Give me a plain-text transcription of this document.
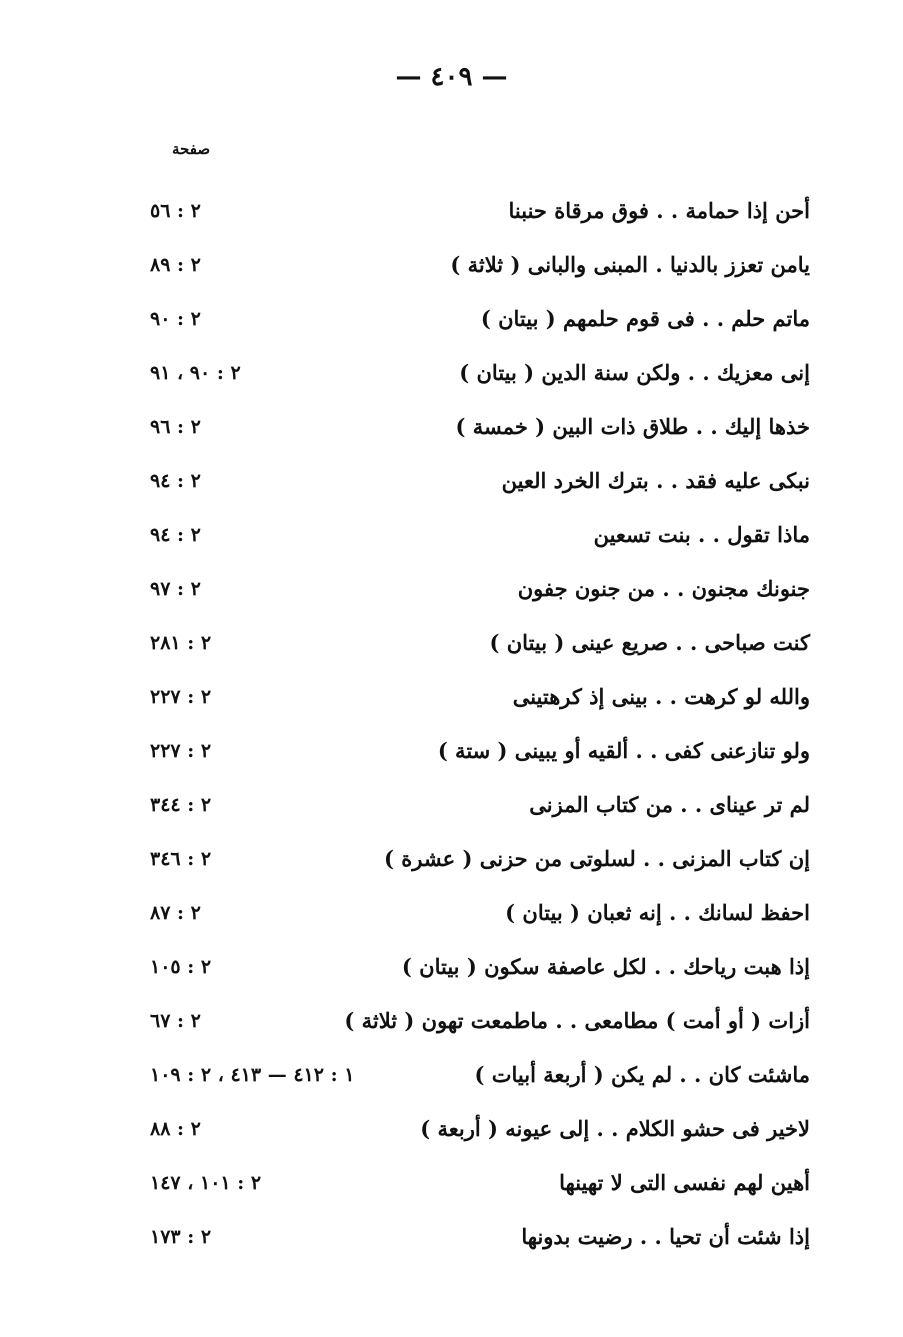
— ٤٠٩ —
صفحة
أحن إذا حمامة . . فوق مرقاة حنبنا
٢ : ٥٦
يامن تعزز بالدنيا . المبنى والبانى ( ثلاثة )
٢ : ٨٩
ماتم حلم . . فى قوم حلمهم ( بيتان )
٢ : ٩٠
إنى معزيك . . ولكن سنة الدين ( بيتان )
٢ : ٩٠ ، ٩١
خذها إليك . . طلاق ذات البين ( خمسة )
٢ : ٩٦
نبكى عليه فقد . . بترك الخرد العين
٢ : ٩٤
ماذا تقول . . بنت تسعين
٢ : ٩٤
جنونك مجنون . . من جنون جفون
٢ : ٩٧
كنت صباحى . . صريع عينى ( بيتان )
٢ : ٢٨١
والله لو كرهت . . بينى إذ كرهتينى
٢ : ٢٢٧
ولو تنازعنى كفى . . ألقيه أو يبينى ( ستة )
٢ : ٢٢٧
لم تر عيناى . . من كتاب المزنى
٢ : ٣٤٤
إن كتاب المزنى . . لسلوتى من حزنى ( عشرة )
٢ : ٣٤٦
احفظ لسانك . . إنه ثعبان ( بيتان )
٢ : ٨٧
إذا هبت رياحك . . لكل عاصفة سكون ( بيتان )
٢ : ١٠٥
أزات ( أو أمت ) مطامعى . . ماطمعت تهون ( ثلاثة )
٢ : ٦٧
ماشئت كان . . لم يكن ( أربعة أبيات )
١ : ٤١٢ — ٤١٣ ، ٢ : ١٠٩
لاخير فى حشو الكلام . . إلى عيونه ( أربعة )
٢ : ٨٨
أهين لهم نفسى التى لا تهينها
٢ : ١٠١ ، ١٤٧
إذا شئت أن تحيا . . رضيت بدونها
٢ : ١٧٣
